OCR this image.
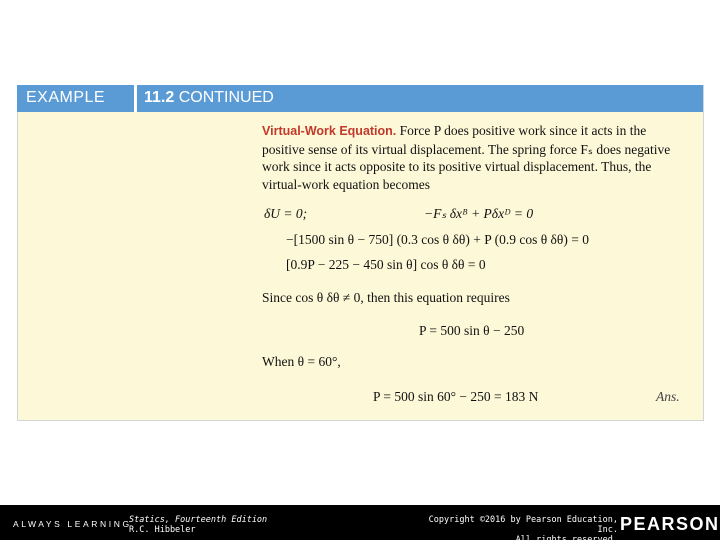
EXAMPLE 11.2 CONTINUED
Virtual-Work Equation. Force P does positive work since it acts in the positive sense of its virtual displacement. The spring force Fₛ does negative work since it acts opposite to its positive virtual displacement. Thus, the virtual-work equation becomes
δU = 0;	−Fₛ δxᴮ + Pδxᴰ = 0
−[1500 sin θ − 750] (0.3 cos θ δθ) + P (0.9 cos θ δθ) = 0
[0.9P − 225 − 450 sin θ] cos θ δθ = 0
Since cos θ δθ ≠ 0, then this equation requires
P = 500 sin θ − 250
When θ = 60°,
P = 500 sin 60° − 250 = 183 N	Ans.
ALWAYS LEARNING
Statics, Fourteenth Edition
R.C. Hibbeler
Copyright ©2016 by Pearson Education, Inc.
All rights reserved.
PEARSON
